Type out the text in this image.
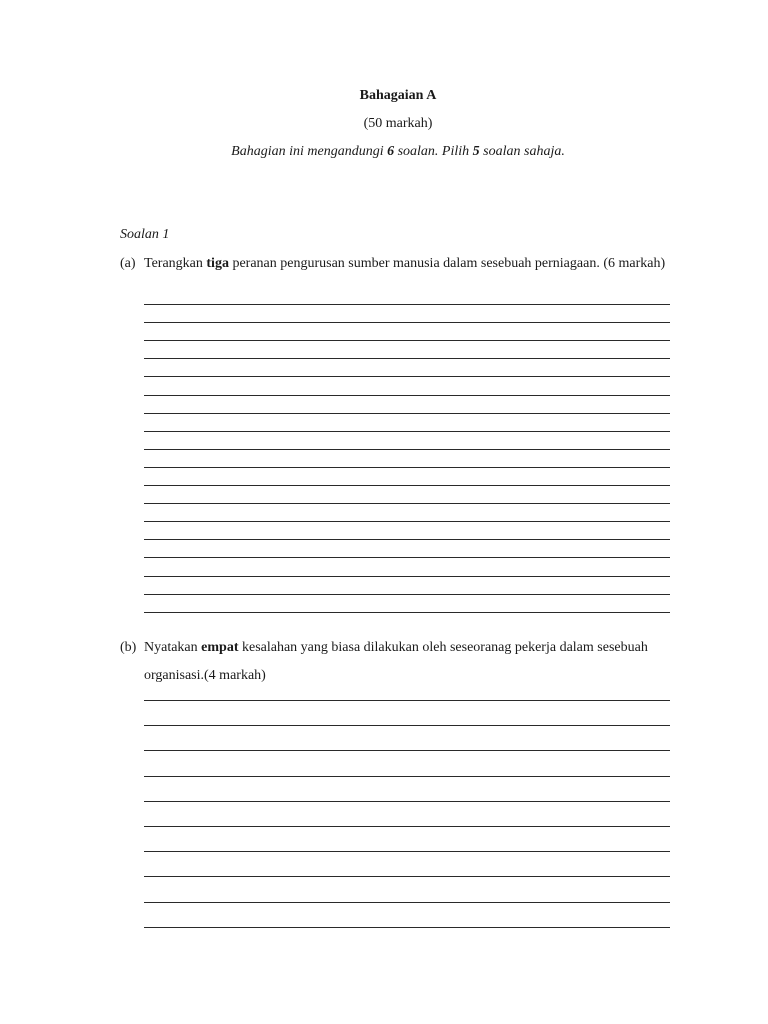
Bahagaian A
(50 markah)
Bahagian ini mengandungi 6 soalan. Pilih 5 soalan sahaja.
Soalan 1
(a) Terangkan tiga peranan pengurusan sumber manusia dalam sesebuah perniagaan. (6 markah)
(b) Nyatakan empat kesalahan yang biasa dilakukan oleh seseoranag pekerja dalam sesebuah organisasi.(4 markah)
